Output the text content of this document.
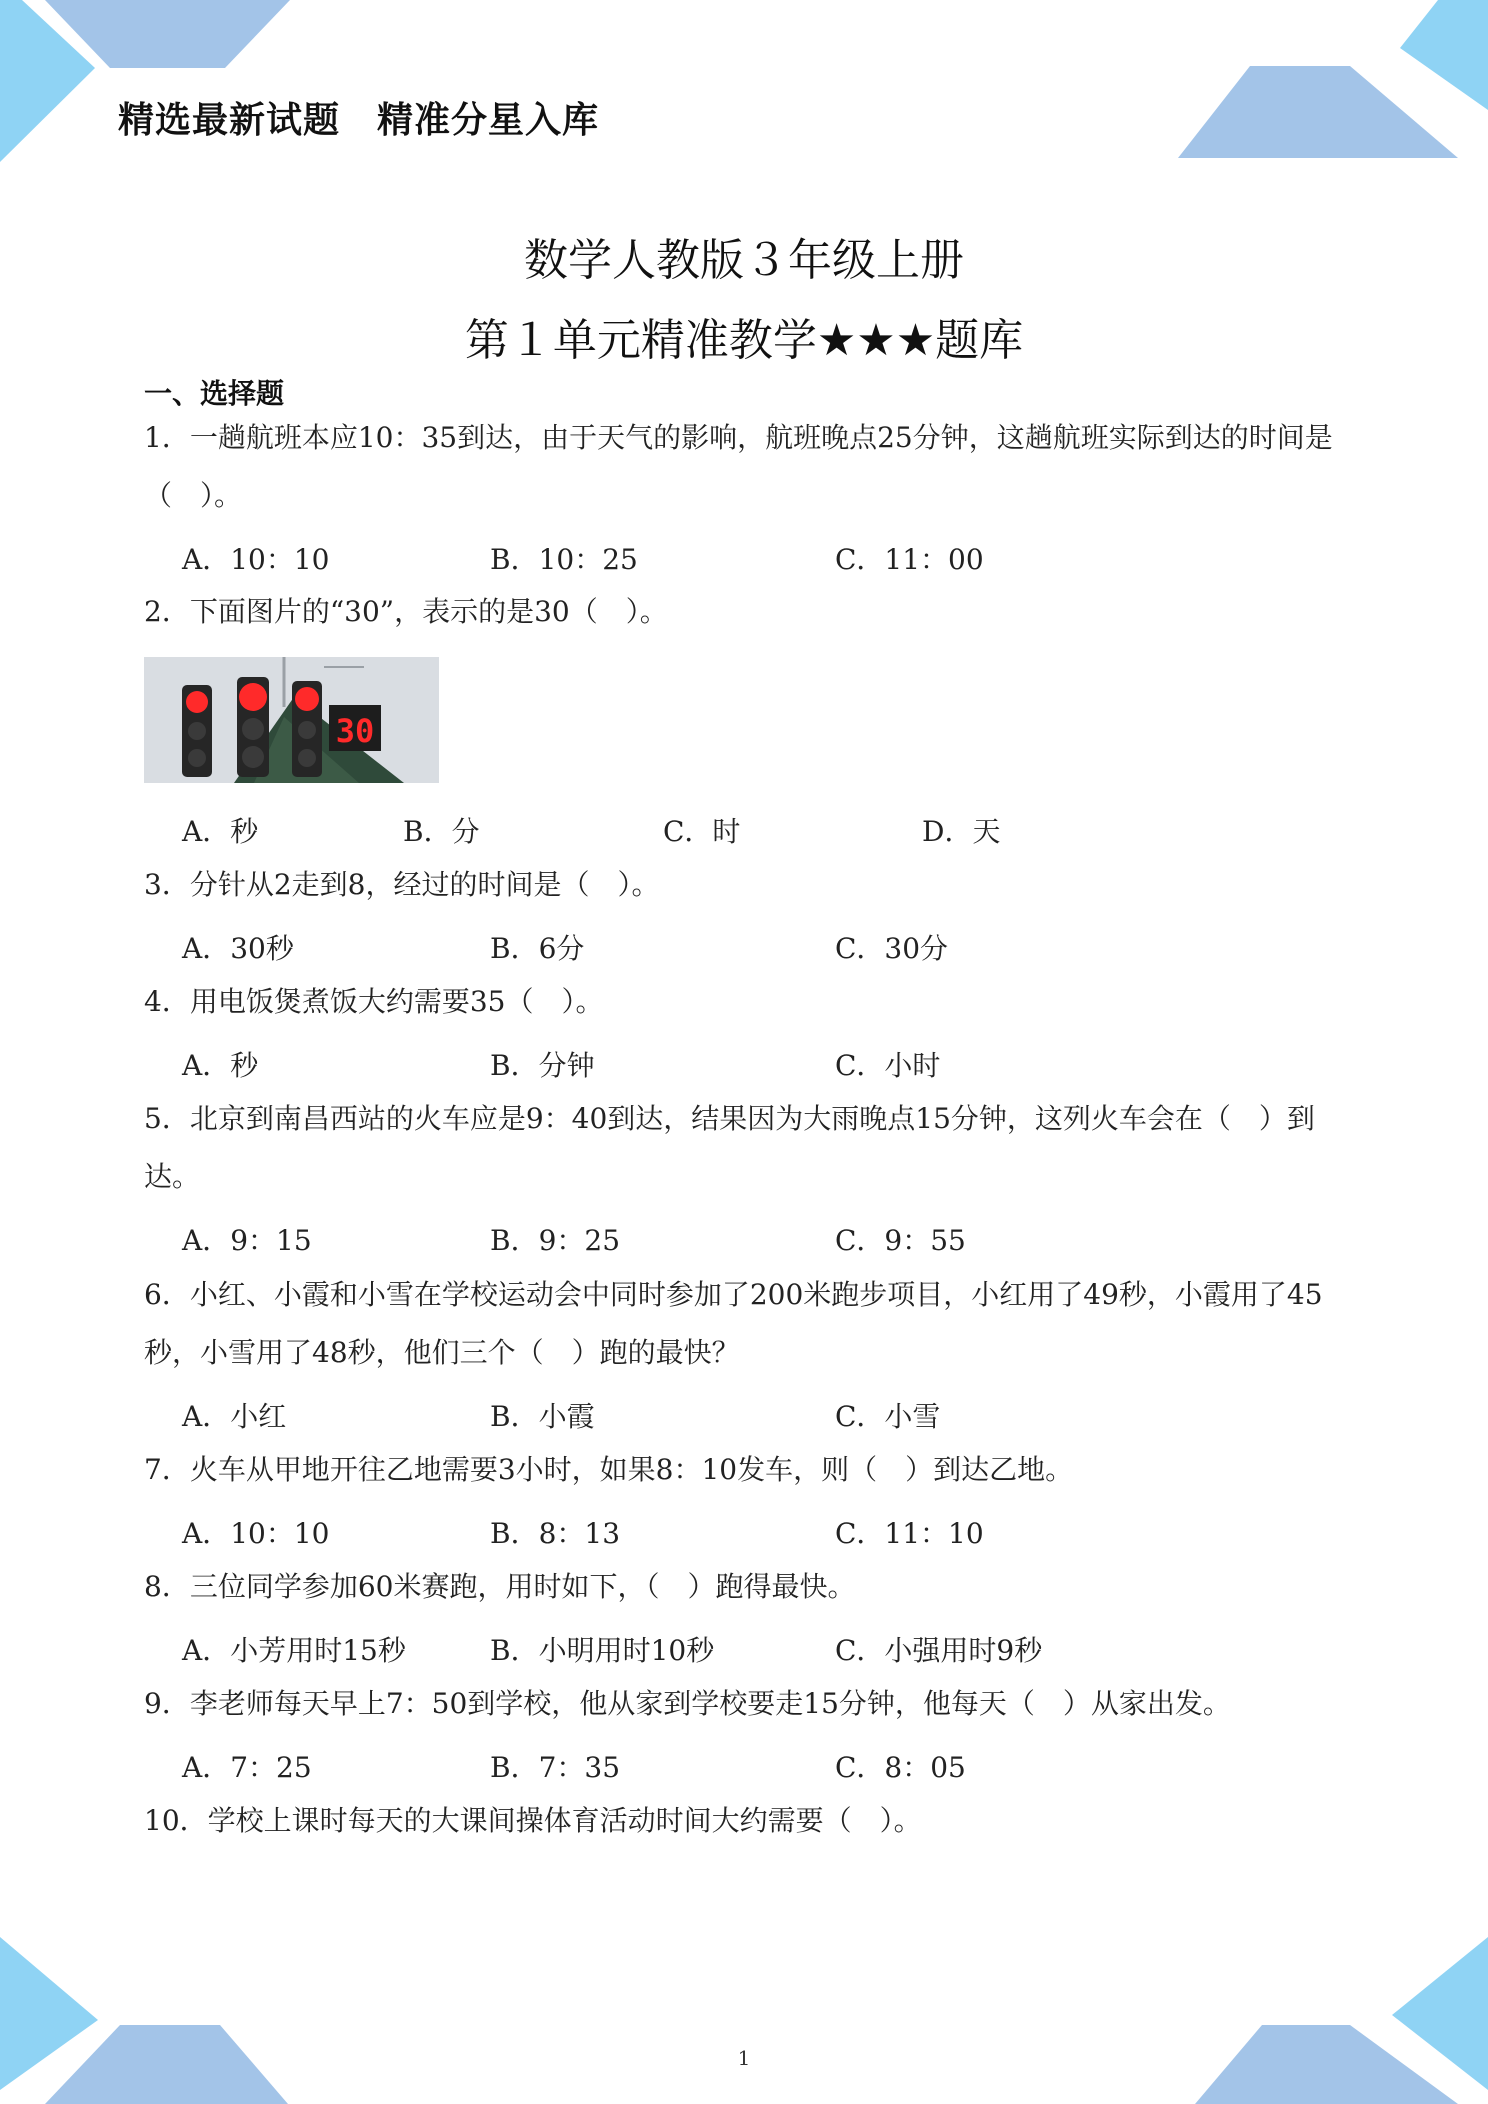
精选最新试题　精准分星入库
数学人教版３年级上册
第１单元精准教学★★★题库
一、选择题
1．一趟航班本应10：35到达，由于天气的影响，航班晚点25分钟，这趟航班实际到达的时间是（　）。
A．10：10	B．10：25	C．11：00
2．下面图片的“30”，表示的是30（　）。
30
A．秒	B．分	C．时	D．天
3．分针从2走到8，经过的时间是（　）。
A．30秒	B．6分	C．30分
4．用电饭煲煮饭大约需要35（　）。
A．秒	B．分钟	C．小时
5．北京到南昌西站的火车应是9：40到达，结果因为大雨晚点15分钟，这列火车会在（　）到达。
A．9：15	B．9：25	C．9：55
6．小红、小霞和小雪在学校运动会中同时参加了200米跑步项目，小红用了49秒，小霞用了45秒，小雪用了48秒，他们三个（　）跑的最快？
A．小红	B．小霞	C．小雪
7．火车从甲地开往乙地需要3小时，如果8：10发车，则（　）到达乙地。
A．10：10	B．8：13	C．11：10
8．三位同学参加60米赛跑，用时如下，（　）跑得最快。
A．小芳用时15秒	B．小明用时10秒	C．小强用时9秒
9．李老师每天早上7：50到学校，他从家到学校要走15分钟，他每天（　）从家出发。
A．7：25	B．7：35	C．8：05
10．学校上课时每天的大课间操体育活动时间大约需要（　）。
1
